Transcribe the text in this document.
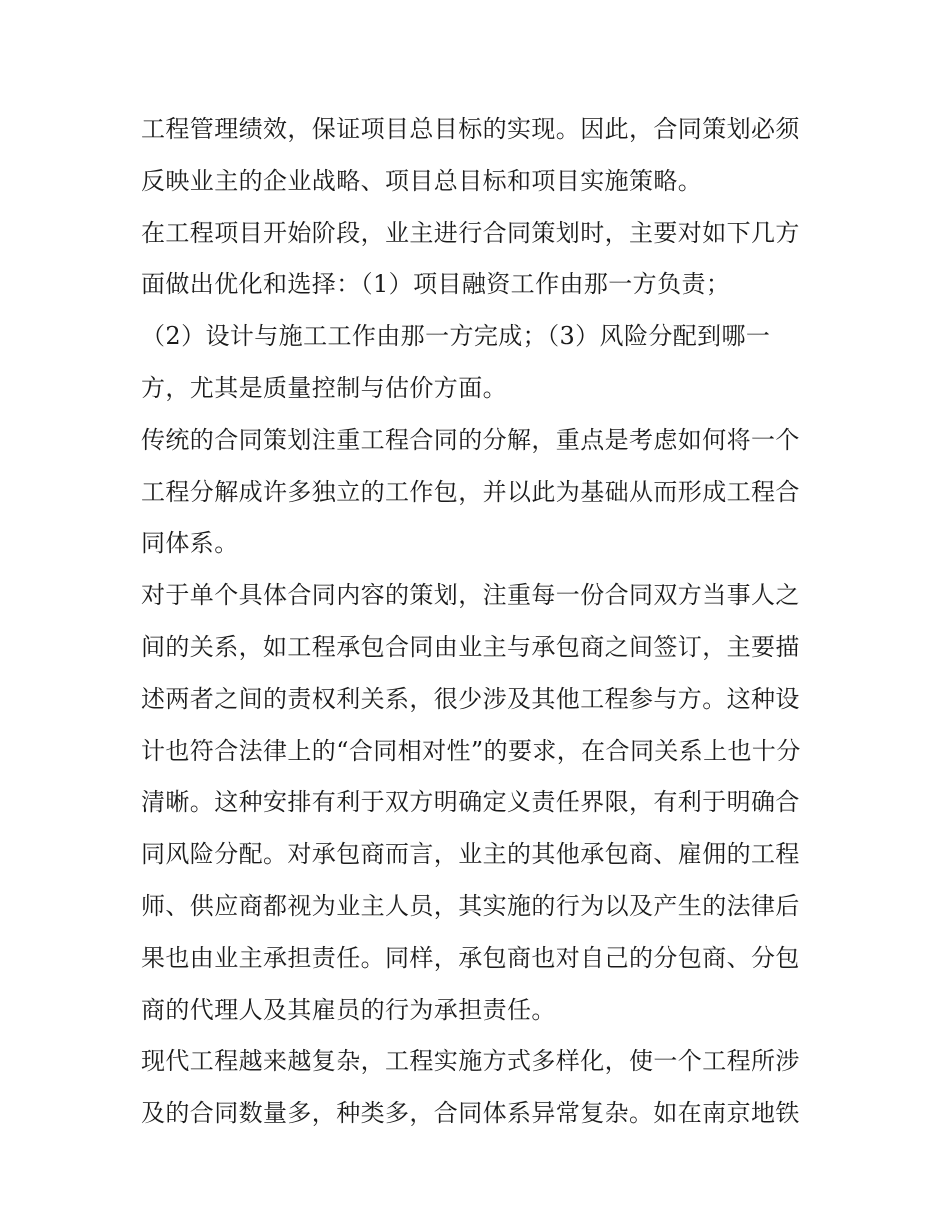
工程管理绩效，保证项目总目标的实现。因此，合同策划必须
反映业主的企业战略、项目总目标和项目实施策略。
在工程项目开始阶段，业主进行合同策划时，主要对如下几方
面做出优化和选择：（1）项目融资工作由那一方负责；
（2）设计与施工工作由那一方完成；（3）风险分配到哪一
方，尤其是质量控制与估价方面。
传统的合同策划注重工程合同的分解，重点是考虑如何将一个
工程分解成许多独立的工作包，并以此为基础从而形成工程合
同体系。
对于单个具体合同内容的策划，注重每一份合同双方当事人之
间的关系，如工程承包合同由业主与承包商之间签订，主要描
述两者之间的责权利关系，很少涉及其他工程参与方。这种设
计也符合法律上的“合同相对性”的要求，在合同关系上也十分
清晰。这种安排有利于双方明确定义责任界限，有利于明确合
同风险分配。对承包商而言，业主的其他承包商、雇佣的工程
师、供应商都视为业主人员，其实施的行为以及产生的法律后
果也由业主承担责任。同样，承包商也对自己的分包商、分包
商的代理人及其雇员的行为承担责任。
现代工程越来越复杂，工程实施方式多样化，使一个工程所涉
及的合同数量多，种类多，合同体系异常复杂。如在南京地铁
